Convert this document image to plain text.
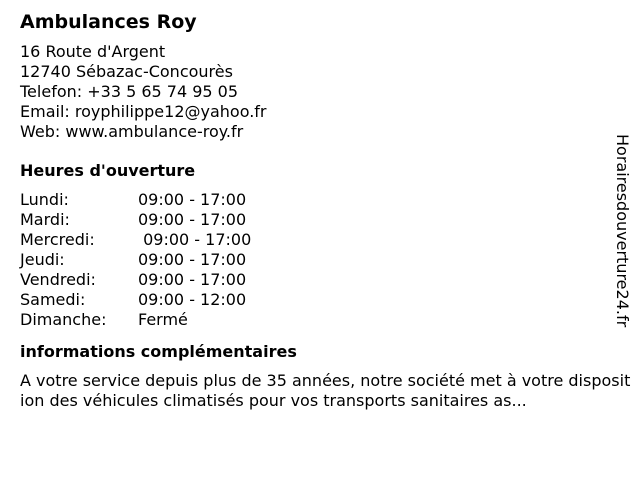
Ambulances Roy
16 Route d'Argent
12740 Sébazac-Concourès
Telefon: +33 5 65 74 95 05
Email: royphilippe12@yahoo.fr
Web: www.ambulance-roy.fr
Heures d'ouverture
Lundi:	09:00 - 17:00
Mardi:	09:00 - 17:00
Mercredi:	09:00 - 17:00
Jeudi:	09:00 - 17:00
Vendredi:	09:00 - 17:00
Samedi:	09:00 - 12:00
Dimanche:	Fermé
informations complémentaires
A votre service depuis plus de 35 années, notre société met à votre disposition des véhicules climatisés pour vos transports sanitaires as...
Horairesdouverture24.fr
